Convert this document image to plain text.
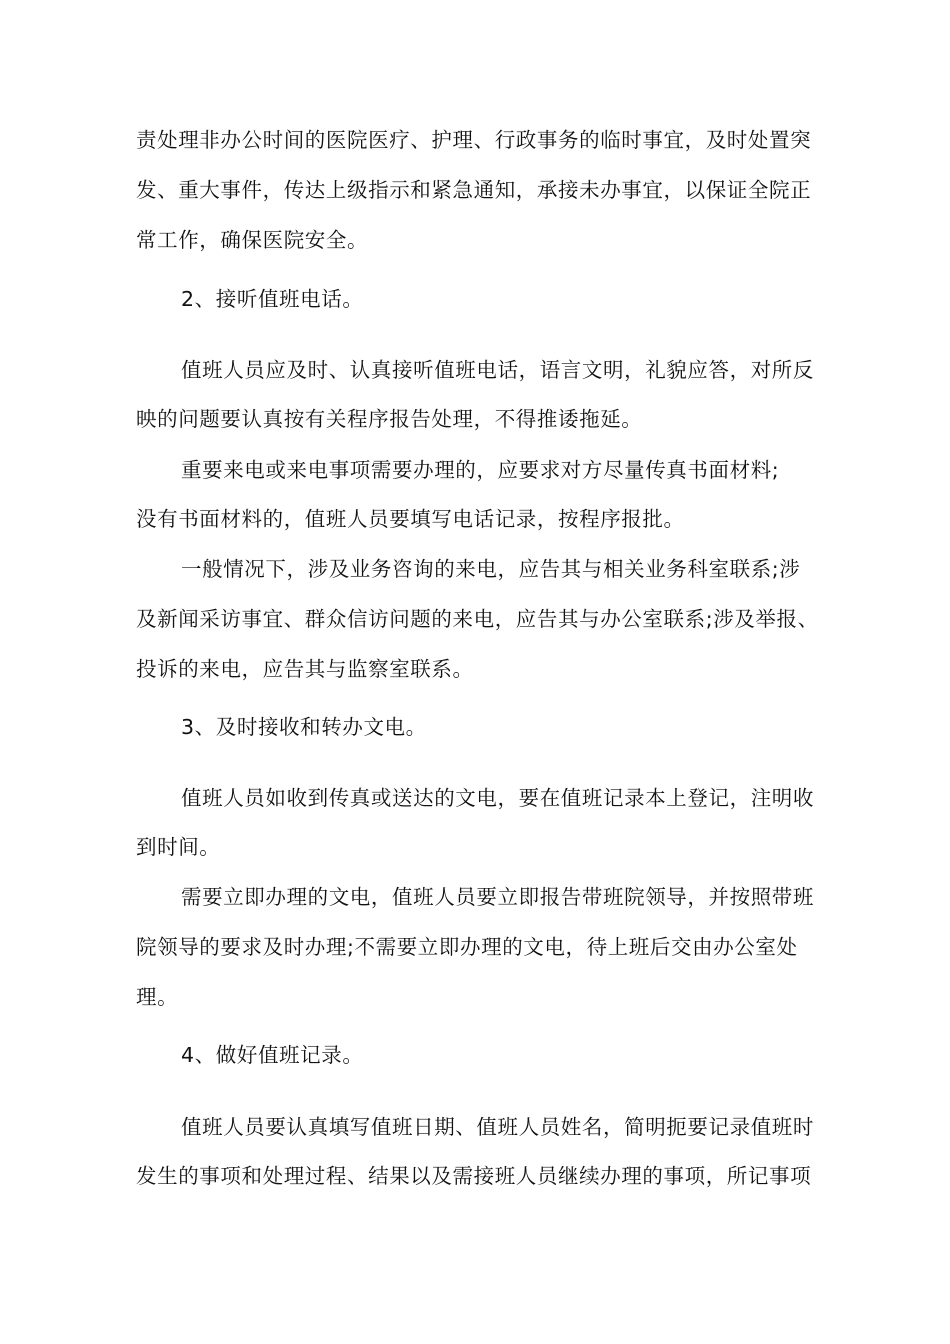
责处理非办公时间的医院医疗、护理、行政事务的临时事宜，及时处置突

发、重大事件，传达上级指示和紧急通知，承接未办事宜，以保证全院正

常工作，确保医院安全。

2、接听值班电话。

值班人员应及时、认真接听值班电话，语言文明，礼貌应答，对所反

映的问题要认真按有关程序报告处理，不得推诿拖延。

重要来电或来电事项需要办理的，应要求对方尽量传真书面材料;

没有书面材料的，值班人员要填写电话记录，按程序报批。

一般情况下，涉及业务咨询的来电，应告其与相关业务科室联系;涉

及新闻采访事宜、群众信访问题的来电，应告其与办公室联系;涉及举报、

投诉的来电，应告其与监察室联系。

3、及时接收和转办文电。

值班人员如收到传真或送达的文电，要在值班记录本上登记，注明收

到时间。

需要立即办理的文电，值班人员要立即报告带班院领导，并按照带班

院领导的要求及时办理;不需要立即办理的文电，待上班后交由办公室处

理。

4、做好值班记录。

值班人员要认真填写值班日期、值班人员姓名，简明扼要记录值班时

发生的事项和处理过程、结果以及需接班人员继续办理的事项，所记事项
